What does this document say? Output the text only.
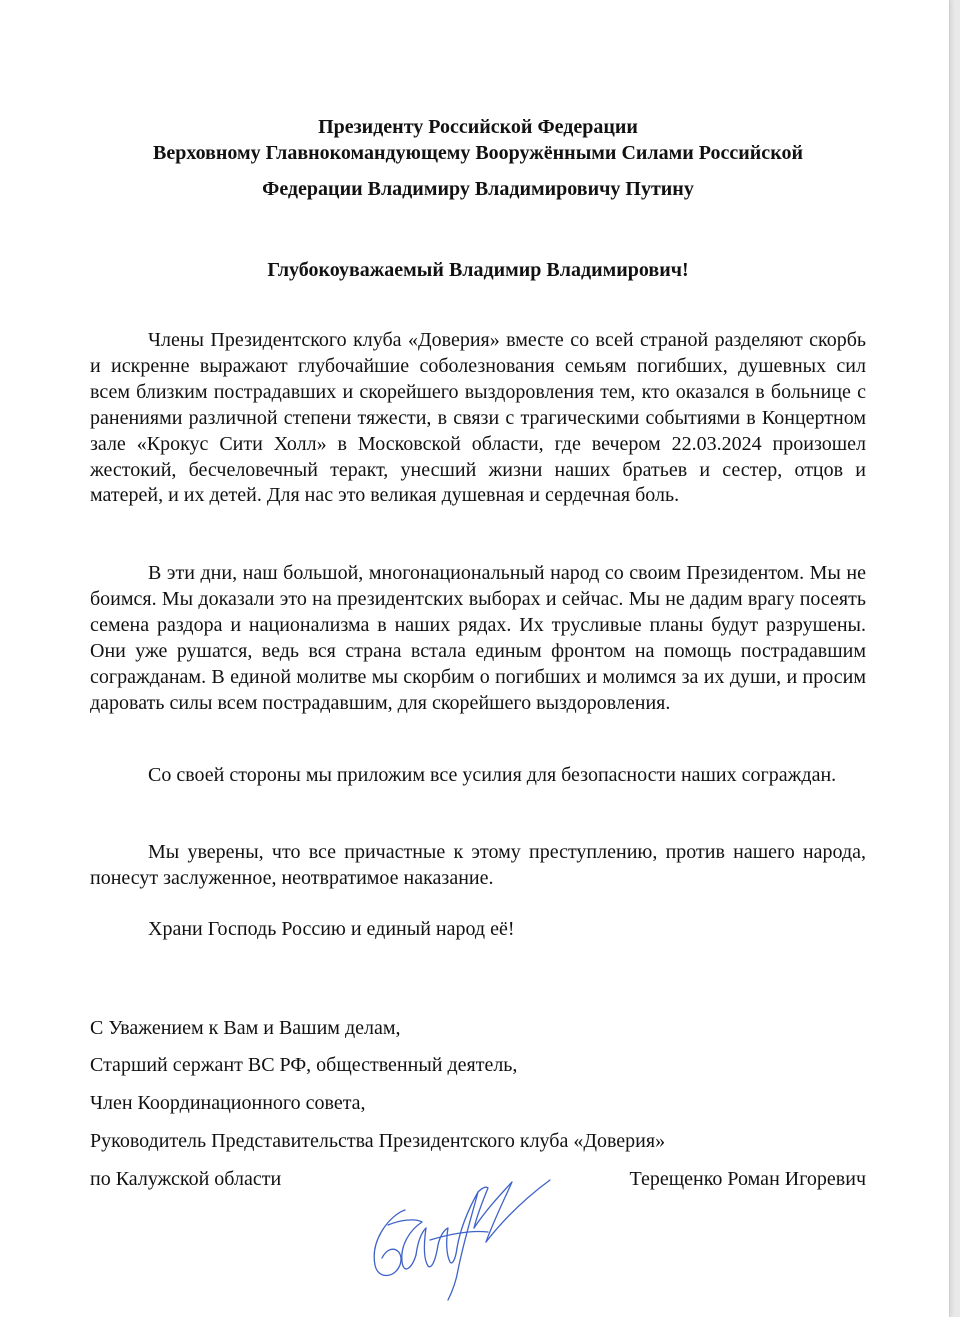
Президенту Российской Федерации
Верховному Главнокомандующему Вооружёнными Силами Российской
Федерации Владимиру Владимировичу Путину
Глубокоуважаемый Владимир Владимирович!

Члены Президентского клуба «Доверия» вместе со всей страной разделяют скорбь и искренне выражают глубочайшие соболезнования семьям погибших, душевных сил всем близким пострадавших и скорейшего выздоровления тем, кто оказался в больнице с ранениями различной степени тяжести, в связи с трагическими событиями в Концертном зале «Крокус Сити Холл» в Московской области, где вечером 22.03.2024 произошел жестокий, бесчеловечный теракт, унесший жизни наших братьев и сестер, отцов и матерей, и их детей. Для нас это великая душевная и сердечная боль.

В эти дни, наш большой, многонациональный народ со своим Президентом. Мы не боимся. Мы доказали это на президентских выборах и сейчас. Мы не дадим врагу посеять семена раздора и национализма в наших рядах. Их трусливые планы будут разрушены. Они уже рушатся, ведь вся страна встала единым фронтом на помощь пострадавшим согражданам. В единой молитве мы скорбим о погибших и молимся за их души, и просим даровать силы всем пострадавшим, для скорейшего выздоровления.

Со своей стороны мы приложим все усилия для безопасности наших сограждан.

Мы уверены, что все причастные к этому преступлению, против нашего народа, понесут заслуженное, неотвратимое наказание.

Храни Господь Россию и единый народ её!

С Уважением к Вам и Вашим делам,
Старший сержант ВС РФ, общественный деятель,
Член Координационного совета,
Руководитель Представительства Президентского клуба «Доверия»
по Калужской области	Терещенко Роман Игоревич
